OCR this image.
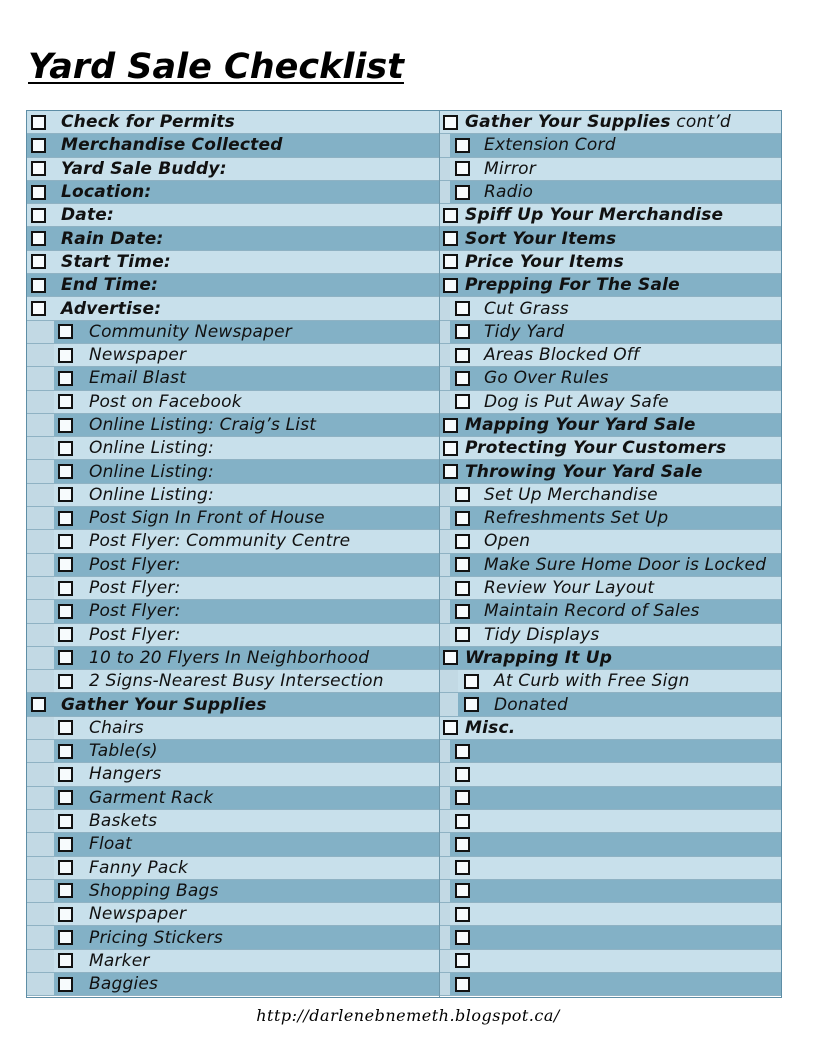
Yard Sale Checklist
Check for Permits
Merchandise Collected
Yard Sale Buddy:
Location:
Date:
Rain Date:
Start Time:
End Time:
Advertise:
Community Newspaper
Newspaper
Email Blast
Post on Facebook
Online Listing: Craig’s List
Online Listing:
Online Listing:
Online Listing:
Post Sign In Front of House
Post Flyer: Community Centre
Post Flyer:
Post Flyer:
Post Flyer:
Post Flyer:
10 to 20 Flyers In Neighborhood
2 Signs-Nearest Busy Intersection
Gather Your Supplies
Chairs
Table(s)
Hangers
Garment Rack
Baskets
Float
Fanny Pack
Shopping Bags
Newspaper
Pricing Stickers
Marker
Baggies
Gather Your Supplies cont’d
Extension Cord
Mirror
Radio
Spiff Up Your Merchandise
Sort Your Items
Price Your Items
Prepping For The Sale
Cut Grass
Tidy Yard
Areas Blocked Off
Go Over Rules
Dog is Put Away Safe
Mapping Your Yard Sale
Protecting Your Customers
Throwing Your Yard Sale
Set Up Merchandise
Refreshments Set Up
Open
Make Sure Home Door is Locked
Review Your Layout
Maintain Record of Sales
Tidy Displays
Wrapping It Up
At Curb with Free Sign
Donated
Misc.
http://darlenebnemeth.blogspot.ca/
